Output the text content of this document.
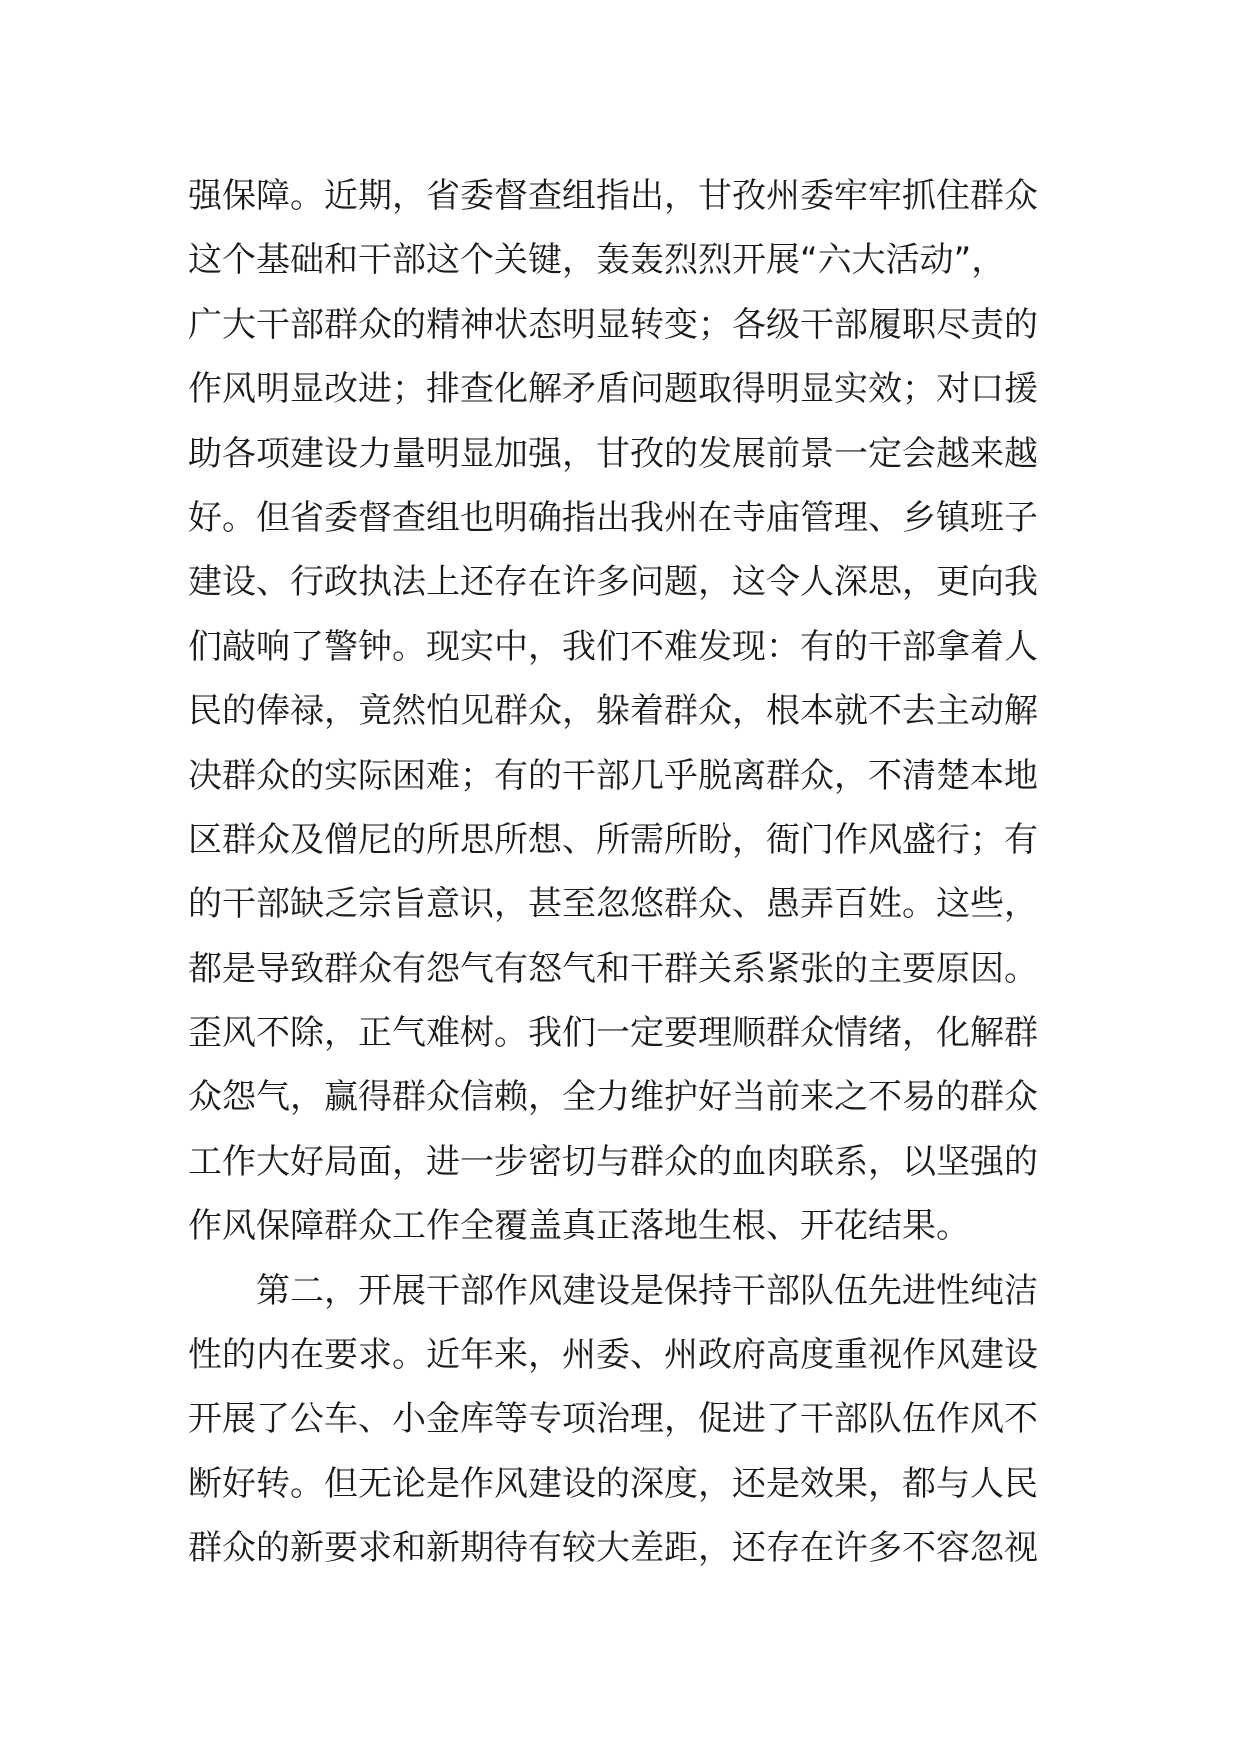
强保障。近期，省委督查组指出，甘孜州委牢牢抓住群众
这个基础和干部这个关键，轰轰烈烈开展“六大活动”，
广大干部群众的精神状态明显转变；各级干部履职尽责的
作风明显改进；排查化解矛盾问题取得明显实效；对口援
助各项建设力量明显加强，甘孜的发展前景一定会越来越
好。但省委督查组也明确指出我州在寺庙管理、乡镇班子
建设、行政执法上还存在许多问题，这令人深思，更向我
们敲响了警钟。现实中，我们不难发现：有的干部拿着人
民的俸禄，竟然怕见群众，躲着群众，根本就不去主动解
决群众的实际困难；有的干部几乎脱离群众，不清楚本地
区群众及僧尼的所思所想、所需所盼，衙门作风盛行；有
的干部缺乏宗旨意识，甚至忽悠群众、愚弄百姓。这些，
都是导致群众有怨气有怒气和干群关系紧张的主要原因。
歪风不除，正气难树。我们一定要理顺群众情绪，化解群
众怨气，赢得群众信赖，全力维护好当前来之不易的群众
工作大好局面，进一步密切与群众的血肉联系，以坚强的
作风保障群众工作全覆盖真正落地生根、开花结果。
　　第二，开展干部作风建设是保持干部队伍先进性纯洁
性的内在要求。近年来，州委、州政府高度重视作风建设
开展了公车、小金库等专项治理，促进了干部队伍作风不
断好转。但无论是作风建设的深度，还是效果，都与人民
群众的新要求和新期待有较大差距，还存在许多不容忽视
